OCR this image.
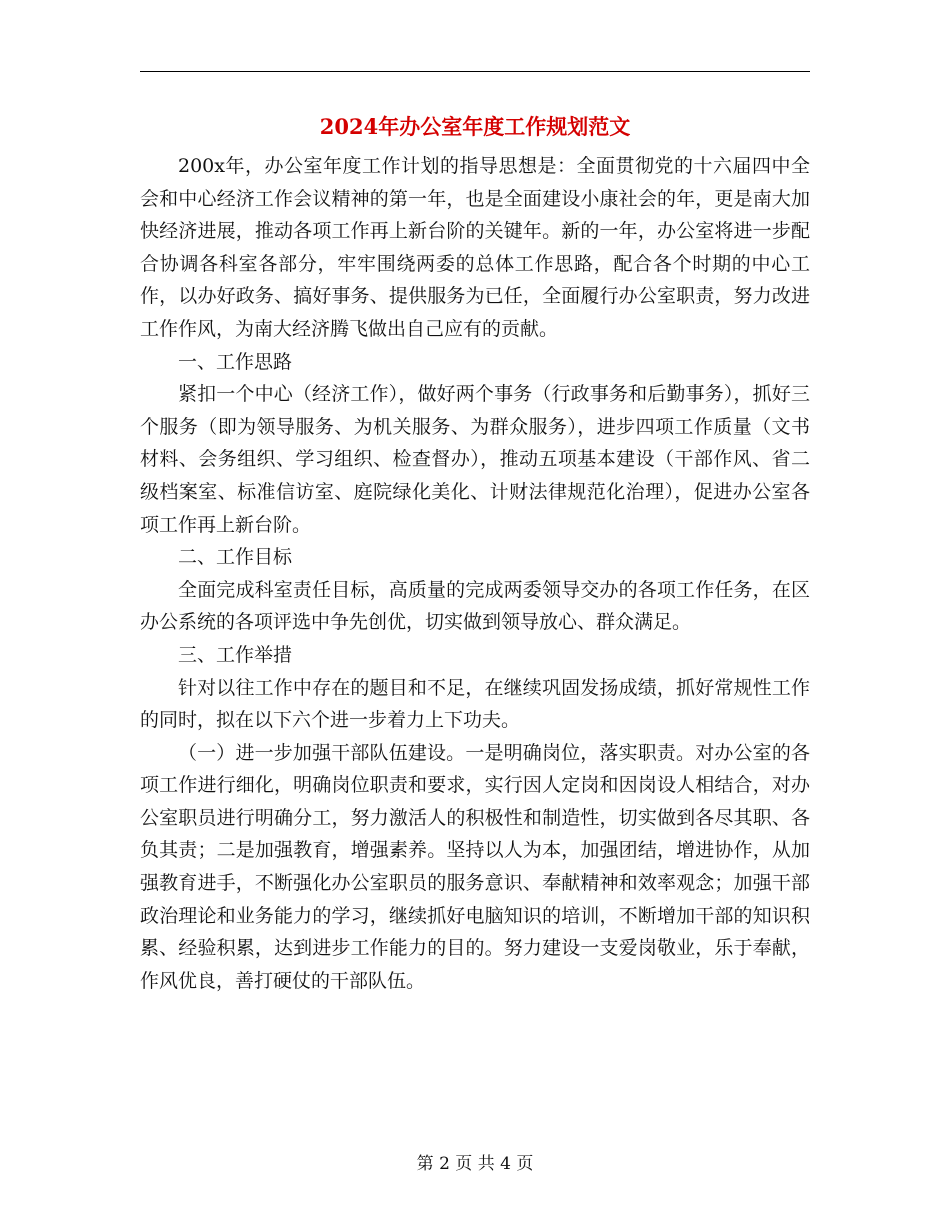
2024年办公室年度工作规划范文

200x年，办公室年度工作计划的指导思想是：全面贯彻党的十六届四中全会和中心经济工作会议精神的第一年，也是全面建设小康社会的年，更是南大加快经济进展，推动各项工作再上新台阶的关键年。新的一年，办公室将进一步配合协调各科室各部分，牢牢围绕两委的总体工作思路，配合各个时期的中心工作，以办好政务、搞好事务、提供服务为已任，全面履行办公室职责，努力改进工作作风，为南大经济腾飞做出自己应有的贡献。

一、工作思路

紧扣一个中心（经济工作），做好两个事务（行政事务和后勤事务），抓好三个服务（即为领导服务、为机关服务、为群众服务），进步四项工作质量（文书材料、会务组织、学习组织、检查督办），推动五项基本建设（干部作风、省二级档案室、标准信访室、庭院绿化美化、计财法律规范化治理），促进办公室各项工作再上新台阶。

二、工作目标

全面完成科室责任目标，高质量的完成两委领导交办的各项工作任务，在区办公系统的各项评选中争先创优，切实做到领导放心、群众满足。

三、工作举措

针对以往工作中存在的题目和不足，在继续巩固发扬成绩，抓好常规性工作的同时，拟在以下六个进一步着力上下功夫。

（一）进一步加强干部队伍建设。一是明确岗位，落实职责。对办公室的各项工作进行细化，明确岗位职责和要求，实行因人定岗和因岗设人相结合，对办公室职员进行明确分工，努力激活人的积极性和制造性，切实做到各尽其职、各负其责；二是加强教育，增强素养。坚持以人为本，加强团结，增进协作，从加强教育进手，不断强化办公室职员的服务意识、奉献精神和效率观念；加强干部政治理论和业务能力的学习，继续抓好电脑知识的培训，不断增加干部的知识积累、经验积累，达到进步工作能力的目的。努力建设一支爱岗敬业，乐于奉献，作风优良，善打硬仗的干部队伍。

第 2 页 共 4 页
